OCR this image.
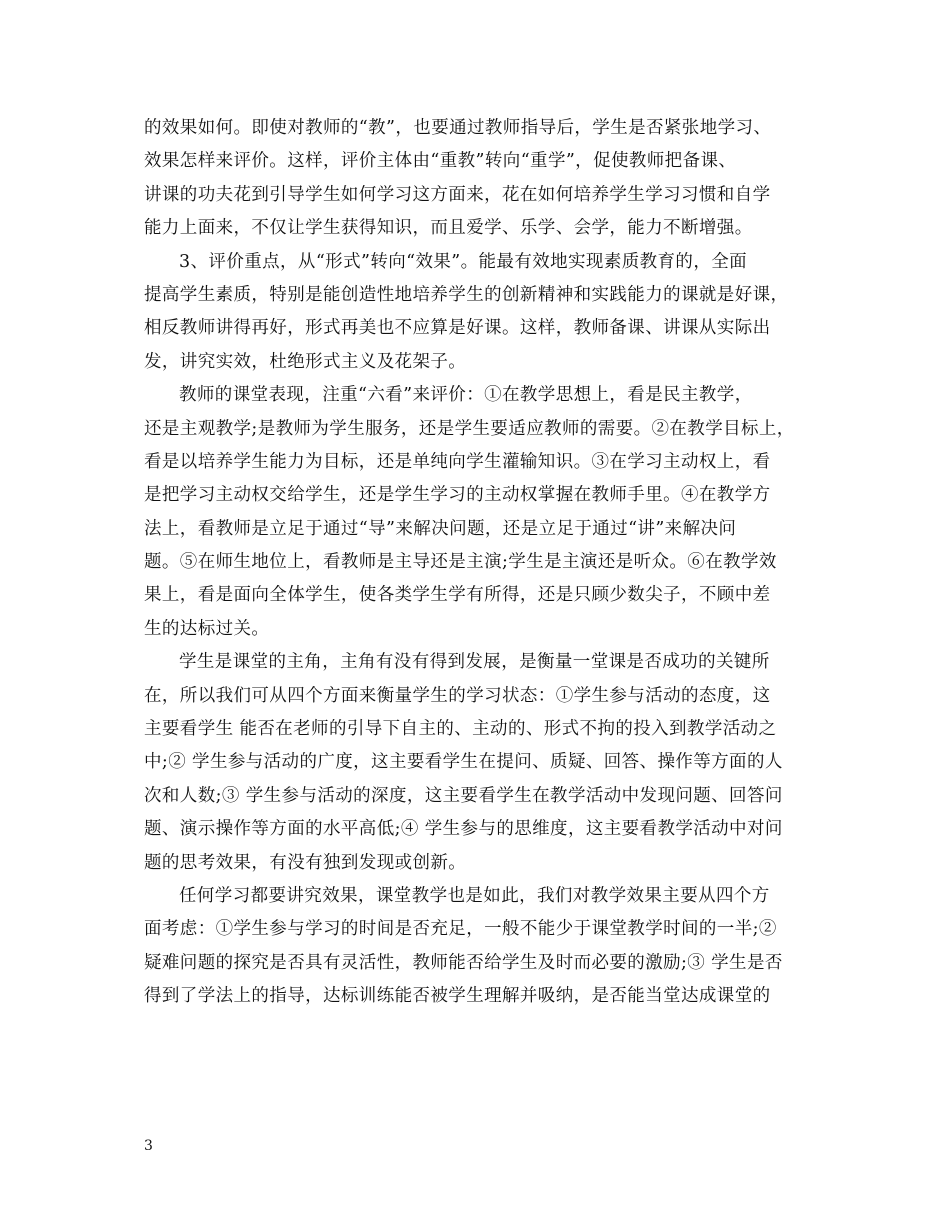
的效果如何。即使对教师的“教”，也要通过教师指导后，学生是否紧张地学习、
效果怎样来评价。这样，评价主体由“重教”转向“重学”，促使教师把备课、
讲课的功夫花到引导学生如何学习这方面来，花在如何培养学生学习习惯和自学
能力上面来，不仅让学生获得知识，而且爱学、乐学、会学，能力不断增强。
3、评价重点，从“形式”转向“效果”。能最有效地实现素质教育的，全面
提高学生素质，特别是能创造性地培养学生的创新精神和实践能力的课就是好课，
相反教师讲得再好，形式再美也不应算是好课。这样，教师备课、讲课从实际出
发，讲究实效，杜绝形式主义及花架子。
教师的课堂表现，注重“六看”来评价：①在教学思想上，看是民主教学，
还是主观教学;是教师为学生服务，还是学生要适应教师的需要。②在教学目标上，
看是以培养学生能力为目标，还是单纯向学生灌输知识。③在学习主动权上，看
是把学习主动权交给学生，还是学生学习的主动权掌握在教师手里。④在教学方
法上，看教师是立足于通过“导”来解决问题，还是立足于通过“讲”来解决问
题。⑤在师生地位上，看教师是主导还是主演;学生是主演还是听众。⑥在教学效
果上，看是面向全体学生，使各类学生学有所得，还是只顾少数尖子，不顾中差
生的达标过关。
学生是课堂的主角，主角有没有得到发展，是衡量一堂课是否成功的关键所
在，所以我们可从四个方面来衡量学生的学习状态：①学生参与活动的态度，这
主要看学生 能否在老师的引导下自主的、主动的、形式不拘的投入到教学活动之
中;② 学生参与活动的广度，这主要看学生在提问、质疑、回答、操作等方面的人
次和人数;③ 学生参与活动的深度，这主要看学生在教学活动中发现问题、回答问
题、演示操作等方面的水平高低;④ 学生参与的思维度，这主要看教学活动中对问
题的思考效果，有没有独到发现或创新。
任何学习都要讲究效果，课堂教学也是如此，我们对教学效果主要从四个方
面考虑：①学生参与学习的时间是否充足，一般不能少于课堂教学时间的一半;②
疑难问题的探究是否具有灵活性，教师能否给学生及时而必要的激励;③ 学生是否
得到了学法上的指导，达标训练能否被学生理解并吸纳，是否能当堂达成课堂的
3
